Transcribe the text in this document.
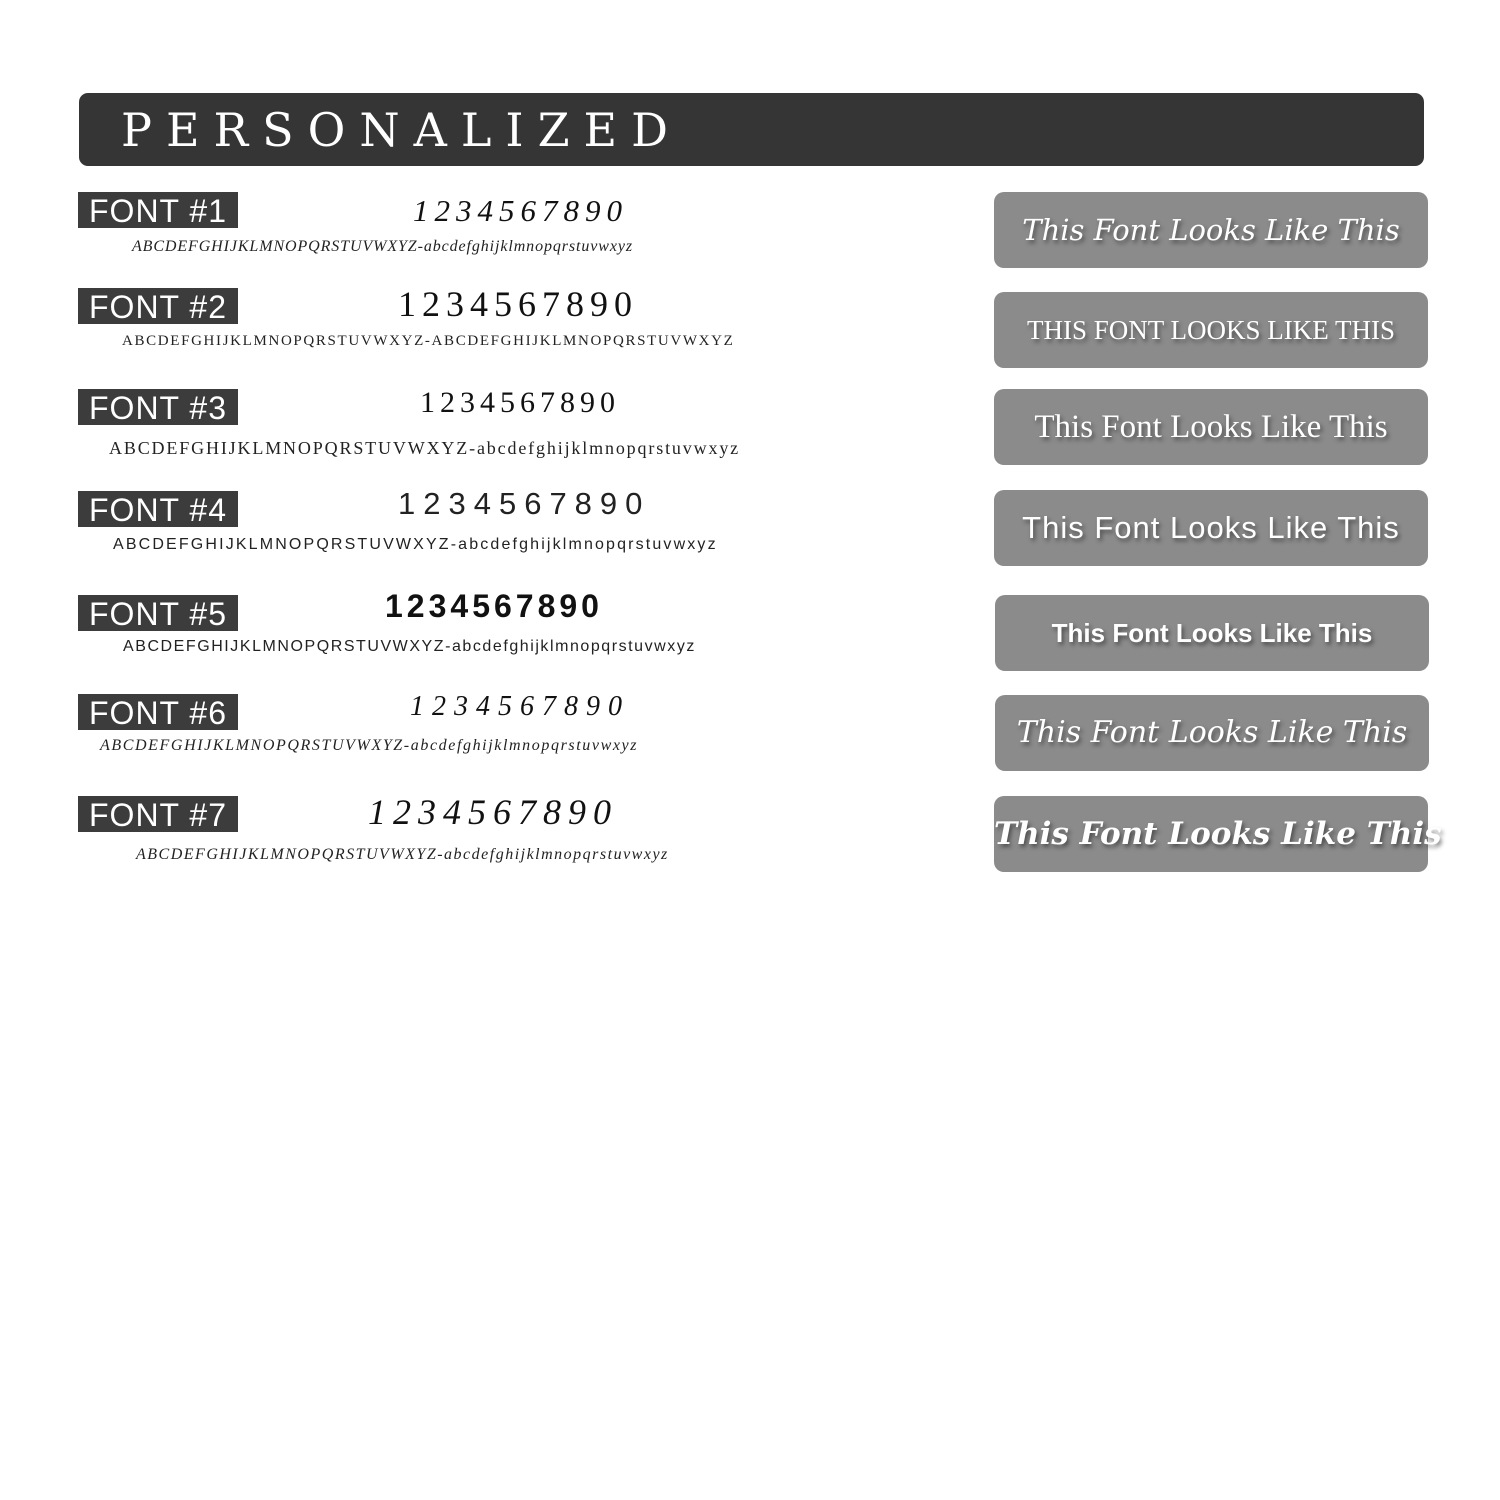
PERSONALIZED
FONT #1	1234567890
ABCDEFGHIJKLMNOPQRSTUVWXYZ-abcdefghijklmnopqrstuvwxyz	This Font Looks Like This
FONT #2	1234567890
ABCDEFGHIJKLMNOPQRSTUVWXYZ-ABCDEFGHIJKLMNOPQRSTUVWXYZ	THIS FONT LOOKS LIKE THIS
FONT #3	1234567890
ABCDEFGHIJKLMNOPQRSTUVWXYZ-abcdefghijklmnopqrstuvwxyz
This Font Looks Like This
FONT #4	1234567890
ABCDEFGHIJKLMNOPQRSTUVWXYZ-abcdefghijklmnopqrstuvwxyz	This Font Looks Like This
FONT #5	1234567890
ABCDEFGHIJKLMNOPQRSTUVWXYZ-abcdefghijklmnopqrstuvwxyz	This Font Looks Like This
FONT #6	1234567890
ABCDEFGHIJKLMNOPQRSTUVWXYZ-abcdefghijklmnopqrstuvwxyz	This Font Looks Like This
FONT #7	1234567890
ABCDEFGHIJKLMNOPQRSTUVWXYZ-abcdefghijklmnopqrstuvwxyz
This Font Looks Like This
